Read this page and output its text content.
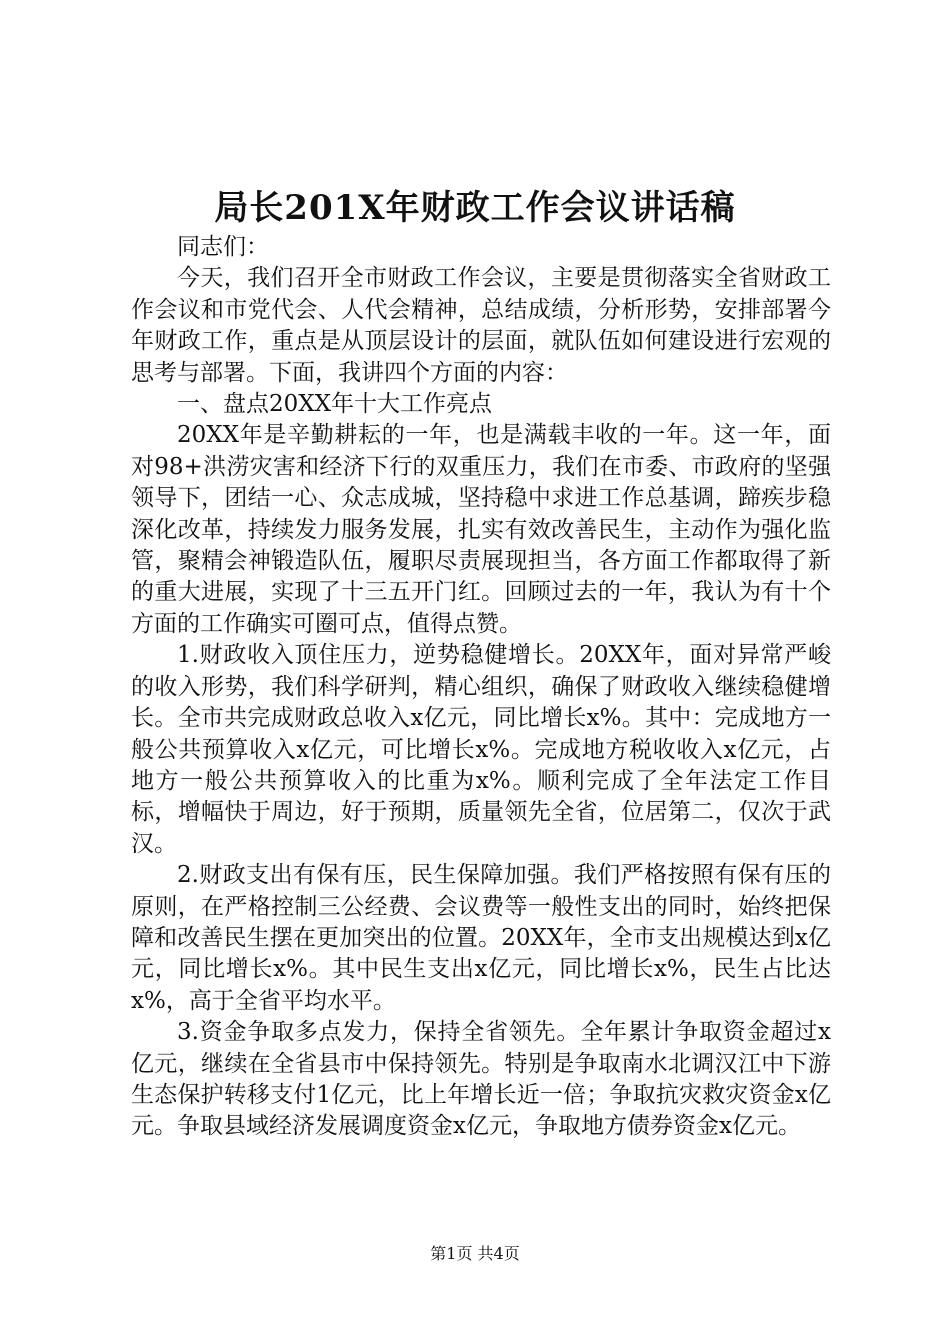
局长201X年财政工作会议讲话稿

同志们：

今天，我们召开全市财政工作会议，主要是贯彻落实全省财政工作会议和市党代会、人代会精神，总结成绩，分析形势，安排部署今年财政工作，重点是从顶层设计的层面，就队伍如何建设进行宏观的思考与部署。下面，我讲四个方面的内容：

一、盘点20XX年十大工作亮点

20XX年是辛勤耕耘的一年，也是满载丰收的一年。这一年，面对98+洪涝灾害和经济下行的双重压力，我们在市委、市政府的坚强领导下，团结一心、众志成城，坚持稳中求进工作总基调，蹄疾步稳深化改革，持续发力服务发展，扎实有效改善民生，主动作为强化监管，聚精会神锻造队伍，履职尽责展现担当，各方面工作都取得了新的重大进展，实现了十三五开门红。回顾过去的一年，我认为有十个方面的工作确实可圈可点，值得点赞。

1.财政收入顶住压力，逆势稳健增长。20XX年，面对异常严峻的收入形势，我们科学研判，精心组织，确保了财政收入继续稳健增长。全市共完成财政总收入x亿元，同比增长x%。其中：完成地方一般公共预算收入x亿元，可比增长x%。完成地方税收收入x亿元，占地方一般公共预算收入的比重为x%。顺利完成了全年法定工作目标，增幅快于周边，好于预期，质量领先全省，位居第二，仅次于武汉。

2.财政支出有保有压，民生保障加强。我们严格按照有保有压的原则，在严格控制三公经费、会议费等一般性支出的同时，始终把保障和改善民生摆在更加突出的位置。20XX年，全市支出规模达到x亿元，同比增长x%。其中民生支出x亿元，同比增长x%，民生占比达x%，高于全省平均水平。

3.资金争取多点发力，保持全省领先。全年累计争取资金超过x亿元，继续在全省县市中保持领先。特别是争取南水北调汉江中下游生态保护转移支付1亿元，比上年增长近一倍；争取抗灾救灾资金x亿元。争取县域经济发展调度资金x亿元，争取地方债券资金x亿元。

第1页 共4页
